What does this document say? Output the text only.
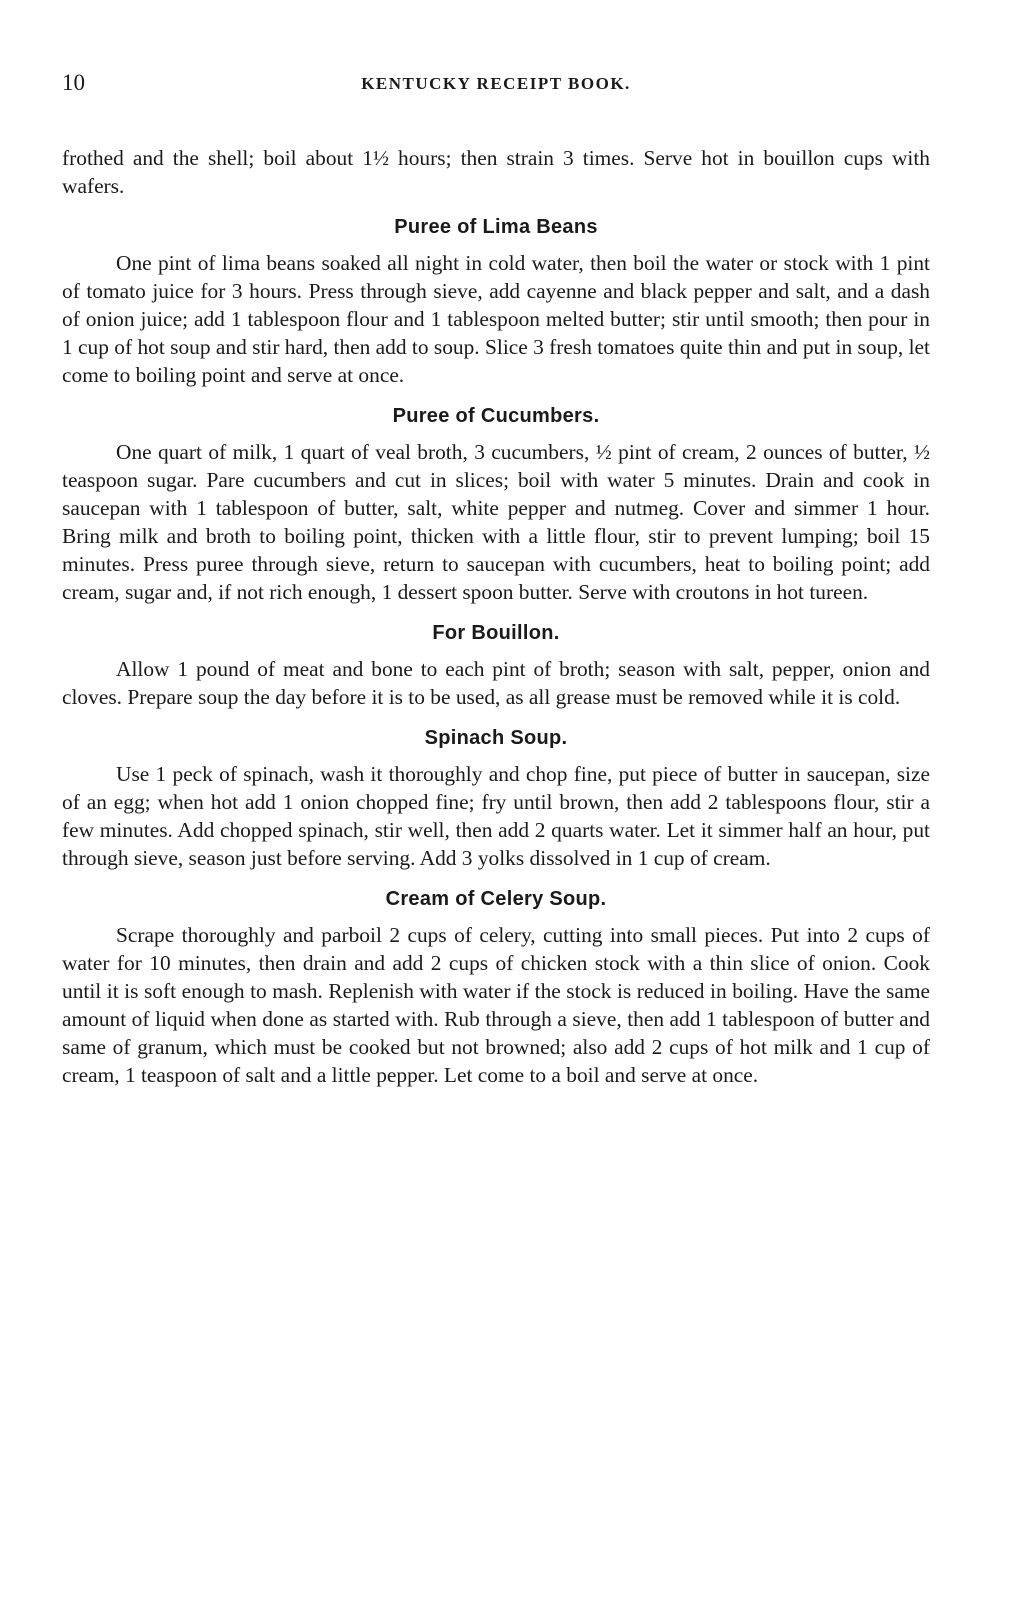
10	KENTUCKY RECEIPT BOOK.

frothed and the shell; boil about 1½ hours; then strain 3 times. Serve hot in bouillon cups with wafers.

Puree of Lima Beans

One pint of lima beans soaked all night in cold water, then boil the water or stock with 1 pint of tomato juice for 3 hours. Press through sieve, add cayenne and black pepper and salt, and a dash of onion juice; add 1 tablespoon flour and 1 tablespoon melted butter; stir until smooth; then pour in 1 cup of hot soup and stir hard, then add to soup. Slice 3 fresh tomatoes quite thin and put in soup, let come to boiling point and serve at once.

Puree of Cucumbers.

One quart of milk, 1 quart of veal broth, 3 cucumbers, ½ pint of cream, 2 ounces of butter, ½ teaspoon sugar. Pare cucumbers and cut in slices; boil with water 5 minutes. Drain and cook in saucepan with 1 tablespoon of butter, salt, white pepper and nutmeg. Cover and simmer 1 hour. Bring milk and broth to boiling point, thicken with a little flour, stir to prevent lumping; boil 15 minutes. Press puree through sieve, return to saucepan with cucumbers, heat to boiling point; add cream, sugar and, if not rich enough, 1 dessert spoon butter. Serve with croutons in hot tureen.

For Bouillon.

Allow 1 pound of meat and bone to each pint of broth; season with salt, pepper, onion and cloves. Prepare soup the day before it is to be used, as all grease must be removed while it is cold.

Spinach Soup.

Use 1 peck of spinach, wash it thoroughly and chop fine, put piece of butter in saucepan, size of an egg; when hot add 1 onion chopped fine; fry until brown, then add 2 tablespoons flour, stir a few minutes. Add chopped spinach, stir well, then add 2 quarts water. Let it simmer half an hour, put through sieve, season just before serving. Add 3 yolks dissolved in 1 cup of cream.

Cream of Celery Soup.

Scrape thoroughly and parboil 2 cups of celery, cutting into small pieces. Put into 2 cups of water for 10 minutes, then drain and add 2 cups of chicken stock with a thin slice of onion. Cook until it is soft enough to mash. Replenish with water if the stock is reduced in boiling. Have the same amount of liquid when done as started with. Rub through a sieve, then add 1 tablespoon of butter and same of granum, which must be cooked but not browned; also add 2 cups of hot milk and 1 cup of cream, 1 teaspoon of salt and a little pepper. Let come to a boil and serve at once.
